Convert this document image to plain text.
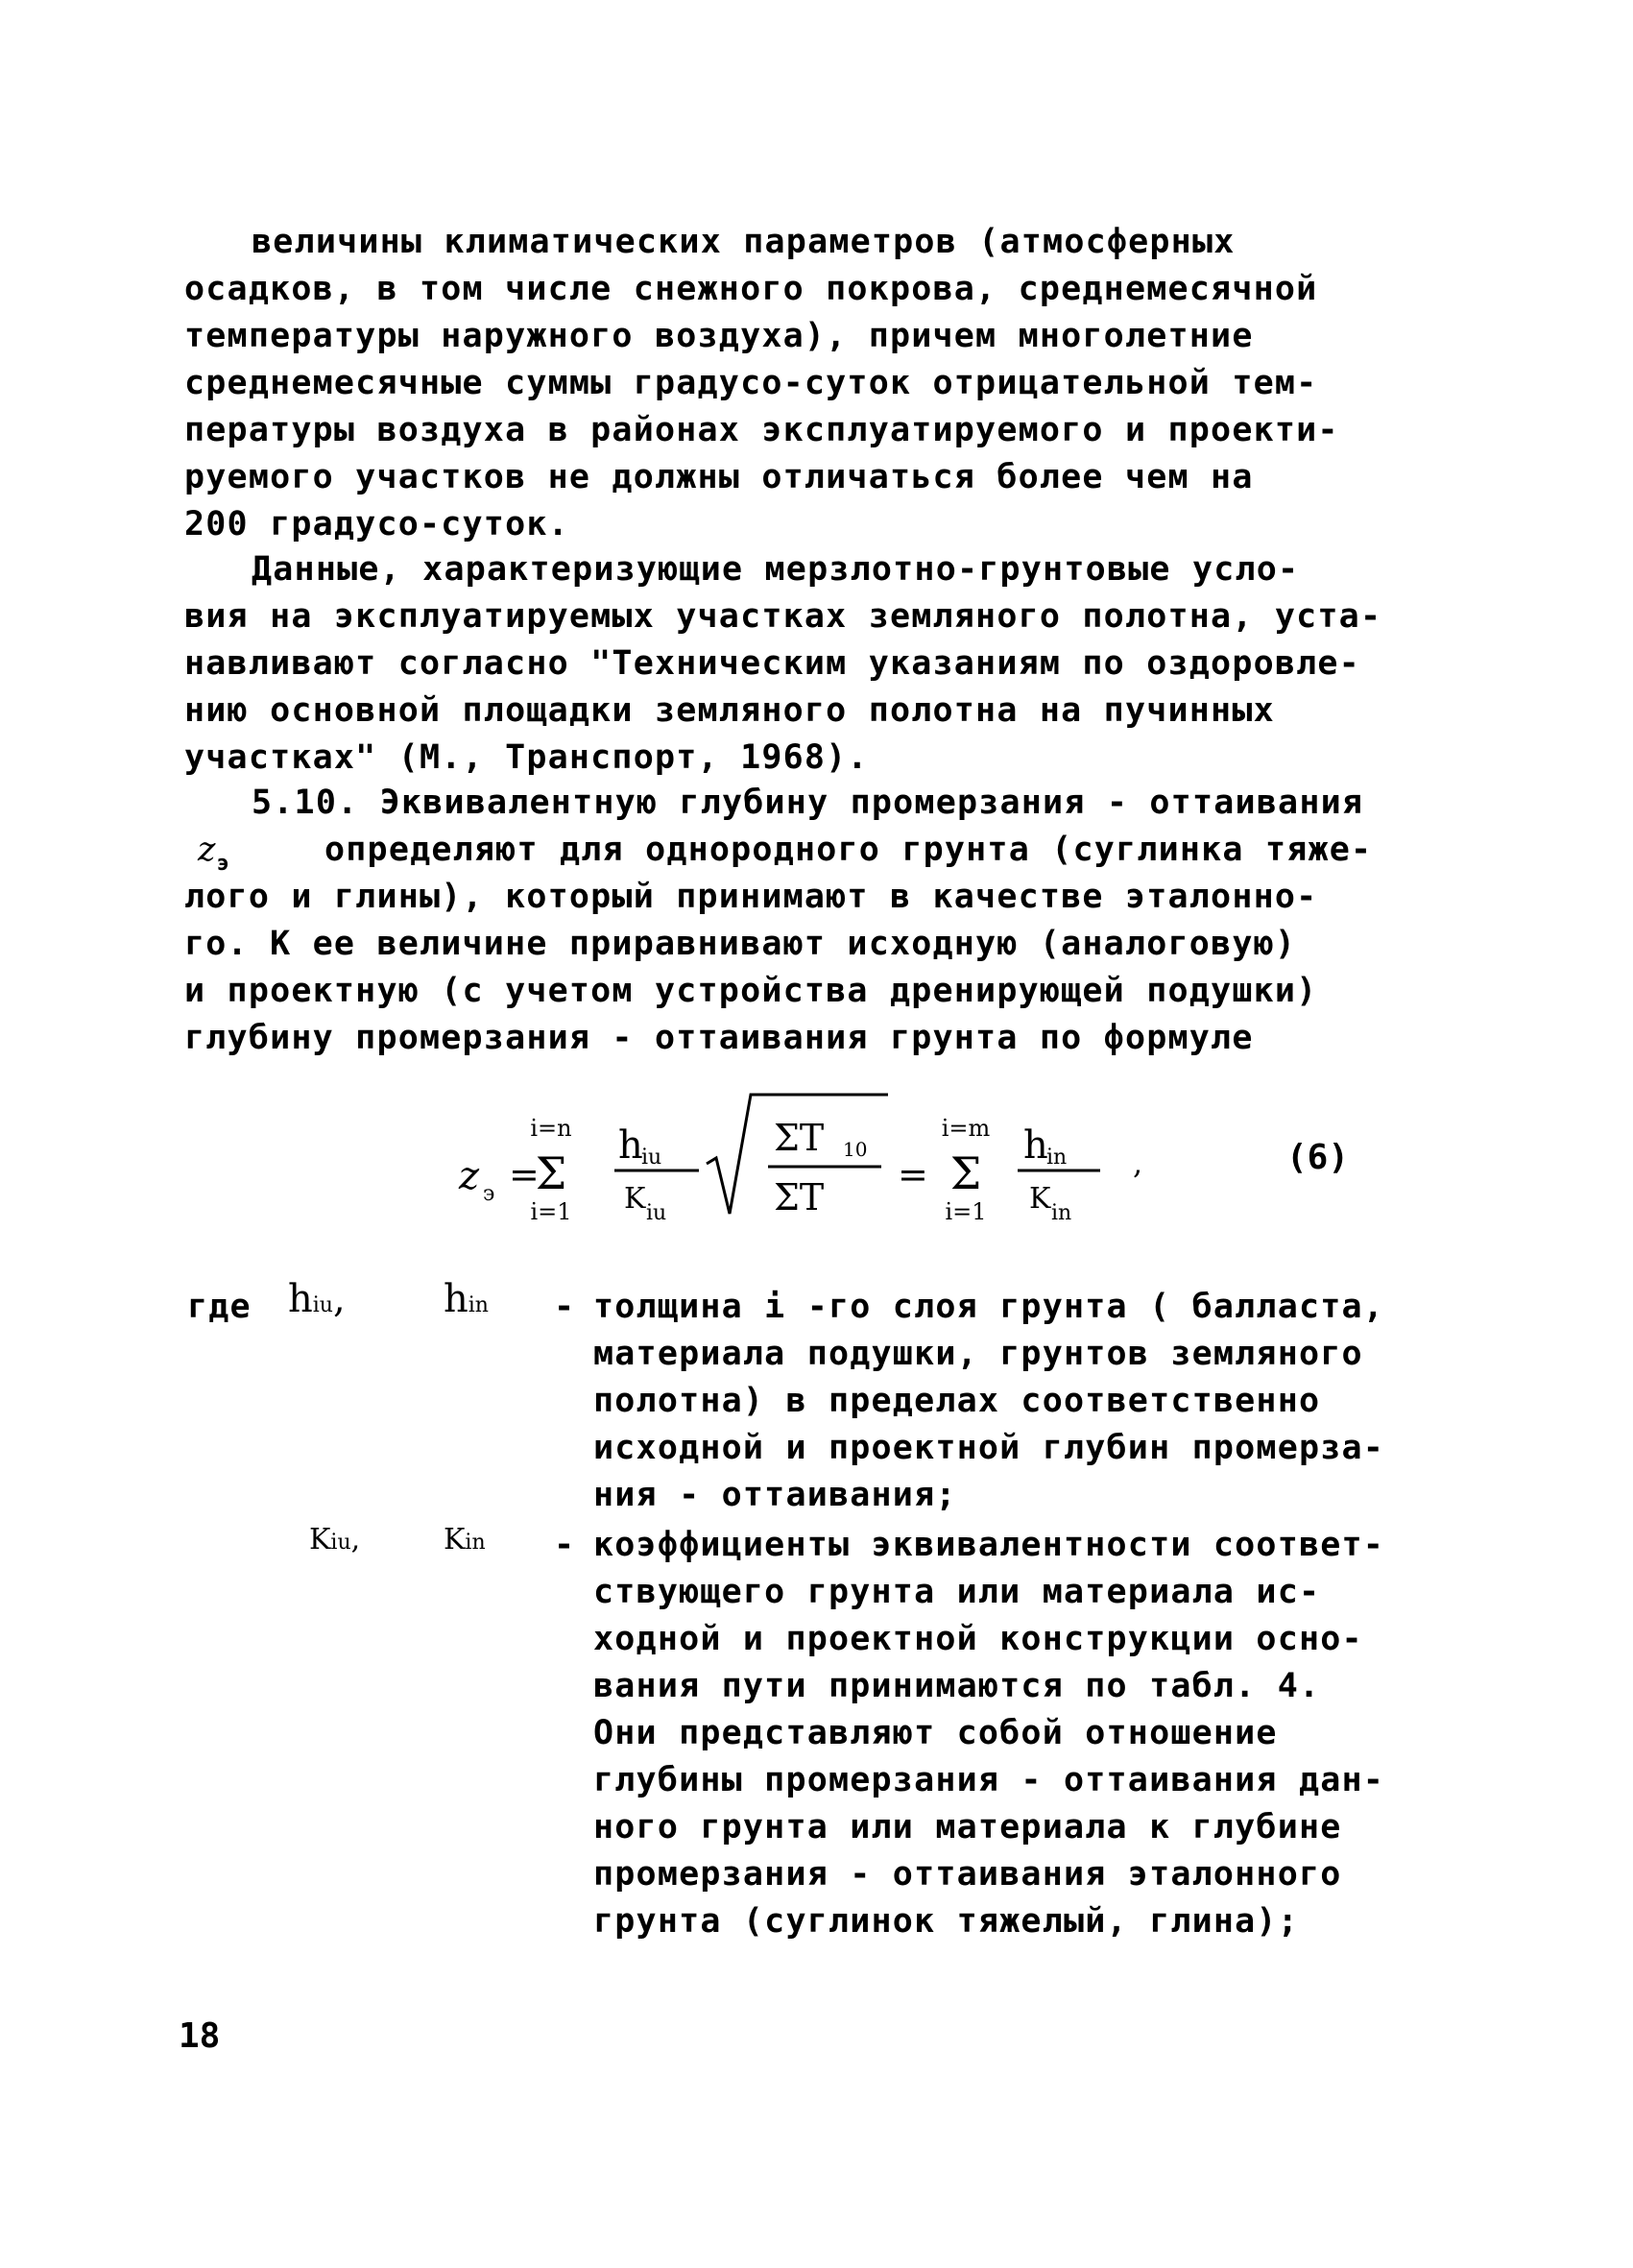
величины климатических параметров (атмосферных
осадков, в том числе снежного покрова, среднемесячной
температуры наружного воздуха), причем многолетние
среднемесячные суммы градусо-суток отрицательной тем-
пературы воздуха в районах эксплуатируемого и проекти-
руемого участков не должны отличаться более чем на
200 градусо-суток.
Данные, характеризующие мерзлотно-грунтовые усло-
вия на эксплуатируемых участках земляного полотна, уста-
навливают согласно "Техническим указаниям по оздоровле-
нию основной площадки земляного полотна на пучинных
участках" (М., Транспорт, 1968).
5.10. Эквивалентную глубину промерзания - оттаивания
$z_э$	определяют для однородного грунта (суглинка тяже-
лого и глины), который принимают в качестве эталонно-
го. К ее величине приравнивают исходную (аналоговую)
и проектную (с учетом устройства дренирующей подушки)
глубину промерзания - оттаивания грунта по формуле
z э =
i=n
Σ
i=1
h
iu
K iu
ΣT 10
ΣT
=
i=m
Σ
i=1
h
in
K in
,	(6)
где hiu,	hin - толщина i -го слоя грунта ( балласта,
материала подушки, грунтов земляного
полотна) в пределах соответственно
исходной и проектной глубин промерза-
ния - оттаивания;
Kiu,	Kin - коэффициенты эквивалентности соответ-
ствующего грунта или материала ис-
ходной и проектной конструкции осно-
вания пути принимаются по табл. 4.
Они представляют собой отношение
глубины промерзания - оттаивания дан-
ного грунта или материала к глубине
промерзания - оттаивания эталонного
грунта (суглинок тяжелый, глина);
18
